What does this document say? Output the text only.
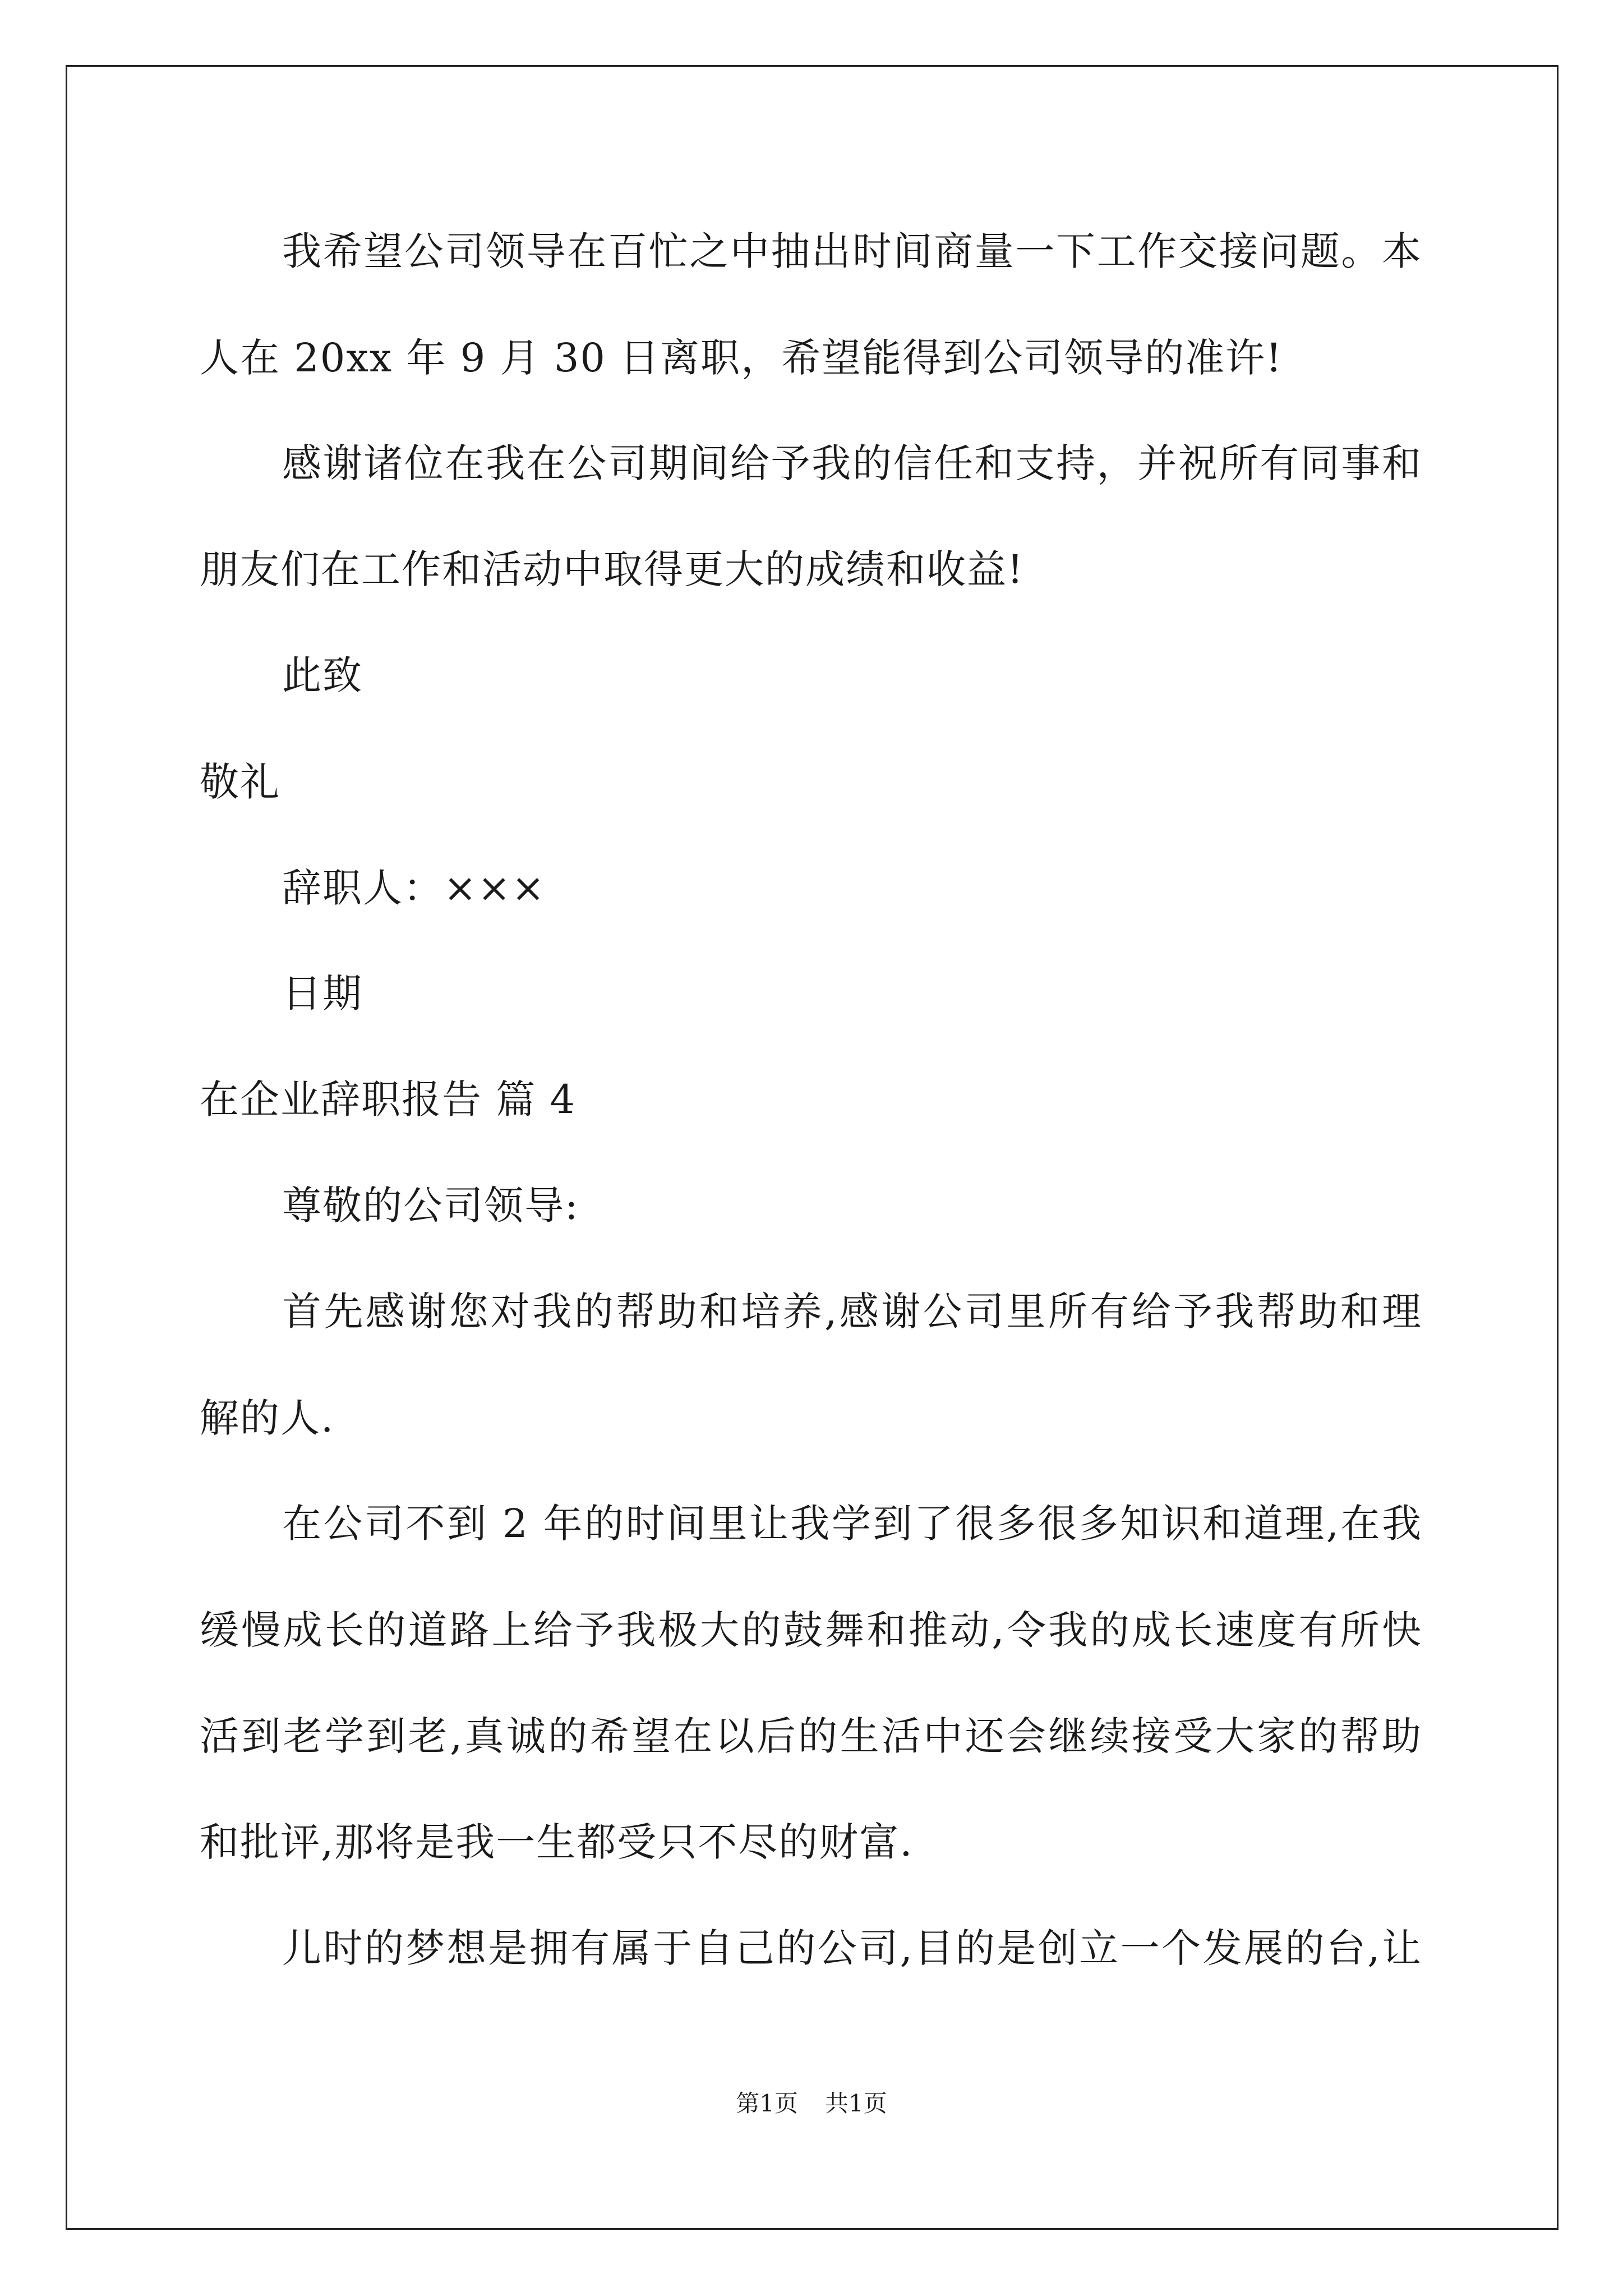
我希望公司领导在百忙之中抽出时间商量一下工作交接问题。本
人在 20xx 年 9 月 30 日离职，希望能得到公司领导的准许!
感谢诸位在我在公司期间给予我的信任和支持，并祝所有同事和
朋友们在工作和活动中取得更大的成绩和收益!
此致
敬礼
辞职人：×××
日期
在企业辞职报告 篇 4
尊敬的公司领导:
首先感谢您对我的帮助和培养,感谢公司里所有给予我帮助和理
解的人.
在公司不到 2 年的时间里让我学到了很多很多知识和道理,在我
缓慢成长的道路上给予我极大的鼓舞和推动,令我的成长速度有所快
活到老学到老,真诚的希望在以后的生活中还会继续接受大家的帮助
和批评,那将是我一生都受只不尽的财富.
儿时的梦想是拥有属于自己的公司,目的是创立一个发展的台,让
第1页 共1页
